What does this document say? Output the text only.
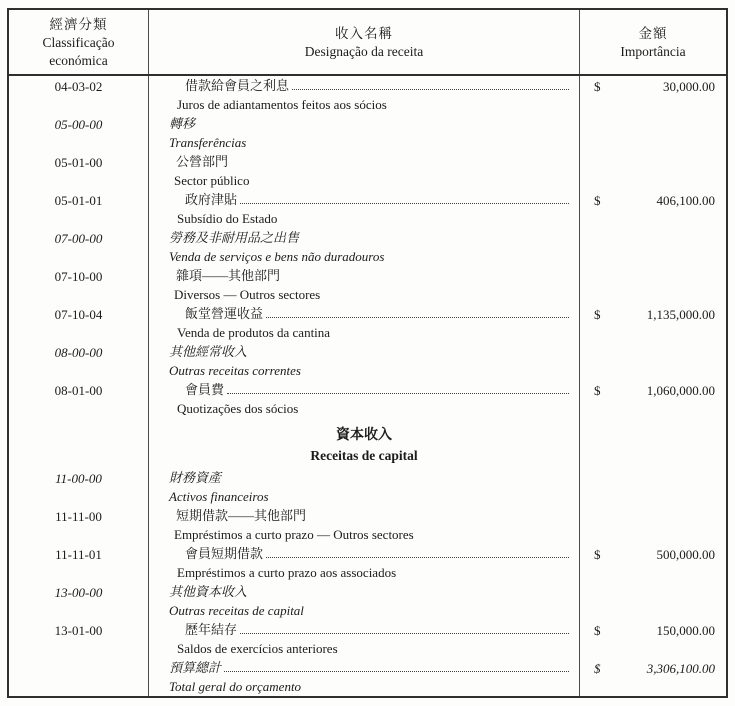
經濟分類
Classificação
económica
收入名稱
Designação da receita
金額
Importância
04-03-02	借款給會員之利息
Juros de adiantamentos feitos aos sócios
$	30,000.00
05-00-00	轉移
Transferências
05-01-00	公營部門
Sector público
05-01-01	政府津貼
Subsídio do Estado
$	406,100.00
07-00-00	勞務及非耐用品之出售
Venda de serviços e bens não duradouros
07-10-00	雜項——其他部門
Diversos — Outros sectores
07-10-04	飯堂營運收益
Venda de produtos da cantina
$	1,135,000.00
08-00-00	其他經常收入
Outras receitas correntes
08-01-00	會員費
Quotizações dos sócios
$	1,060,000.00
資本收入
Receitas de capital
11-00-00	財務資產
Activos financeiros
11-11-00	短期借款——其他部門
Empréstimos a curto prazo — Outros sectores
11-11-01	會員短期借款
Empréstimos a curto prazo aos associados
$	500,000.00
13-00-00	其他資本收入
Outras receitas de capital
13-01-00	歷年結存
Saldos de exercícios anteriores
$	150,000.00
預算總計
Total geral do orçamento
$	3,306,100.00
